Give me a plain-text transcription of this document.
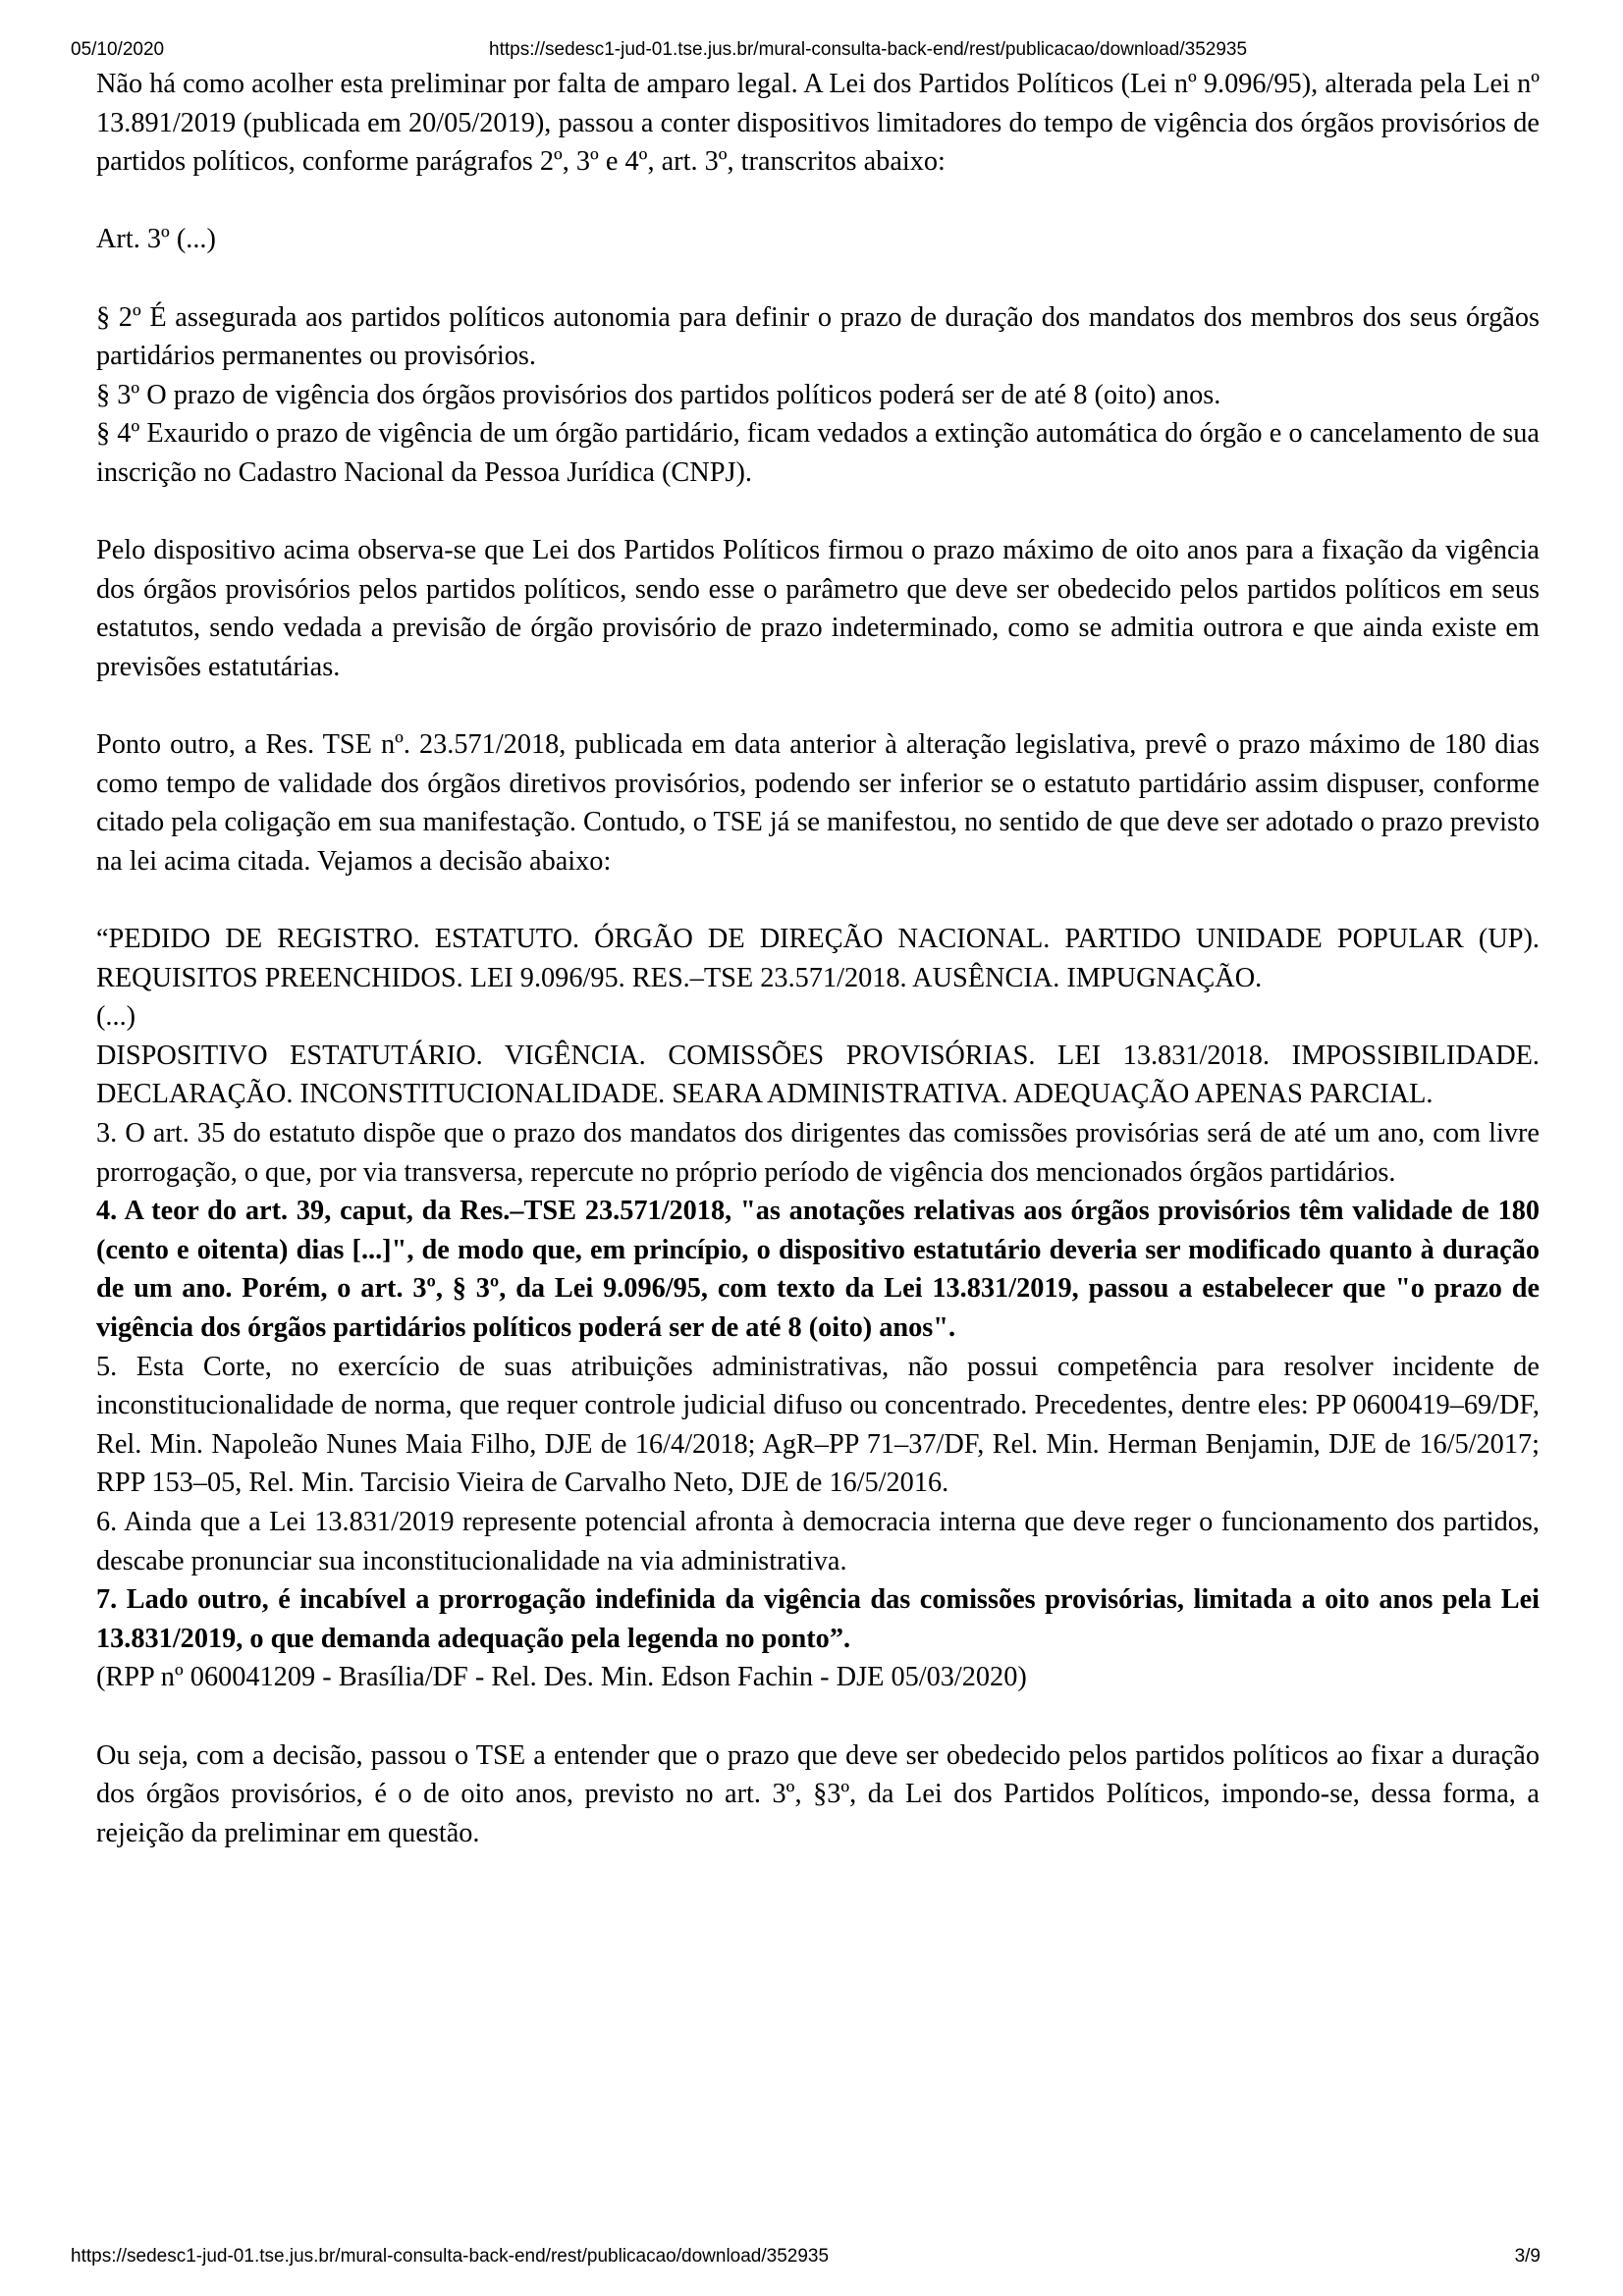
05/10/2020	https://sedesc1-jud-01.tse.jus.br/mural-consulta-back-end/rest/publicacao/download/352935

Não há como acolher esta preliminar por falta de amparo legal. A Lei dos Partidos Políticos (Lei nº 9.096/95), alterada pela Lei nº 13.891/2019 (publicada em 20/05/2019), passou a conter dispositivos limitadores do tempo de vigência dos órgãos provisórios de partidos políticos, conforme parágrafos 2º, 3º e 4º, art. 3º, transcritos abaixo:

Art. 3º (...)

§ 2º É assegurada aos partidos políticos autonomia para definir o prazo de duração dos mandatos dos membros dos seus órgãos partidários permanentes ou provisórios.

§ 3º O prazo de vigência dos órgãos provisórios dos partidos políticos poderá ser de até 8 (oito) anos.

§ 4º Exaurido o prazo de vigência de um órgão partidário, ficam vedados a extinção automática do órgão e o cancelamento de sua inscrição no Cadastro Nacional da Pessoa Jurídica (CNPJ).

Pelo dispositivo acima observa-se que Lei dos Partidos Políticos firmou o prazo máximo de oito anos para a fixação da vigência dos órgãos provisórios pelos partidos políticos, sendo esse o parâmetro que deve ser obedecido pelos partidos políticos em seus estatutos, sendo vedada a previsão de órgão provisório de prazo indeterminado, como se admitia outrora e que ainda existe em previsões estatutárias.

Ponto outro, a Res. TSE nº. 23.571/2018, publicada em data anterior à alteração legislativa, prevê o prazo máximo de 180 dias como tempo de validade dos órgãos diretivos provisórios, podendo ser inferior se o estatuto partidário assim dispuser, conforme citado pela coligação em sua manifestação. Contudo, o TSE já se manifestou, no sentido de que deve ser adotado o prazo previsto na lei acima citada. Vejamos a decisão abaixo:

“PEDIDO DE REGISTRO. ESTATUTO. ÓRGÃO DE DIREÇÃO NACIONAL. PARTIDO UNIDADE POPULAR (UP). REQUISITOS PREENCHIDOS. LEI 9.096/95. RES.–TSE 23.571/2018. AUSÊNCIA. IMPUGNAÇÃO.

(...)

DISPOSITIVO ESTATUTÁRIO. VIGÊNCIA. COMISSÕES PROVISÓRIAS. LEI 13.831/2018. IMPOSSIBILIDADE. DECLARAÇÃO. INCONSTITUCIONALIDADE. SEARA ADMINISTRATIVA. ADEQUAÇÃO APENAS PARCIAL.

3. O art. 35 do estatuto dispõe que o prazo dos mandatos dos dirigentes das comissões provisórias será de até um ano, com livre prorrogação, o que, por via transversa, repercute no próprio período de vigência dos mencionados órgãos partidários.

4. A teor do art. 39, caput, da Res.–TSE 23.571/2018, "as anotações relativas aos órgãos provisórios têm validade de 180 (cento e oitenta) dias [...]", de modo que, em princípio, o dispositivo estatutário deveria ser modificado quanto à duração de um ano. Porém, o art. 3º, § 3º, da Lei 9.096/95, com texto da Lei 13.831/2019, passou a estabelecer que "o prazo de vigência dos órgãos partidários políticos poderá ser de até 8 (oito) anos".

5. Esta Corte, no exercício de suas atribuições administrativas, não possui competência para resolver incidente de inconstitucionalidade de norma, que requer controle judicial difuso ou concentrado. Precedentes, dentre eles: PP 0600419–69/DF, Rel. Min. Napoleão Nunes Maia Filho, DJE de 16/4/2018; AgR–PP 71–37/DF, Rel. Min. Herman Benjamin, DJE de 16/5/2017; RPP 153–05, Rel. Min. Tarcisio Vieira de Carvalho Neto, DJE de 16/5/2016.

6. Ainda que a Lei 13.831/2019 represente potencial afronta à democracia interna que deve reger o funcionamento dos partidos, descabe pronunciar sua inconstitucionalidade na via administrativa.

7. Lado outro, é incabível a prorrogação indefinida da vigência das comissões provisórias, limitada a oito anos pela Lei 13.831/2019, o que demanda adequação pela legenda no ponto”.

(RPP nº 060041209 - Brasília/DF - Rel. Des. Min. Edson Fachin - DJE 05/03/2020)

Ou seja, com a decisão, passou o TSE a entender que o prazo que deve ser obedecido pelos partidos políticos ao fixar a duração dos órgãos provisórios, é o de oito anos, previsto no art. 3º, §3º, da Lei dos Partidos Políticos, impondo-se, dessa forma, a rejeição da preliminar em questão.

https://sedesc1-jud-01.tse.jus.br/mural-consulta-back-end/rest/publicacao/download/352935	3/9
